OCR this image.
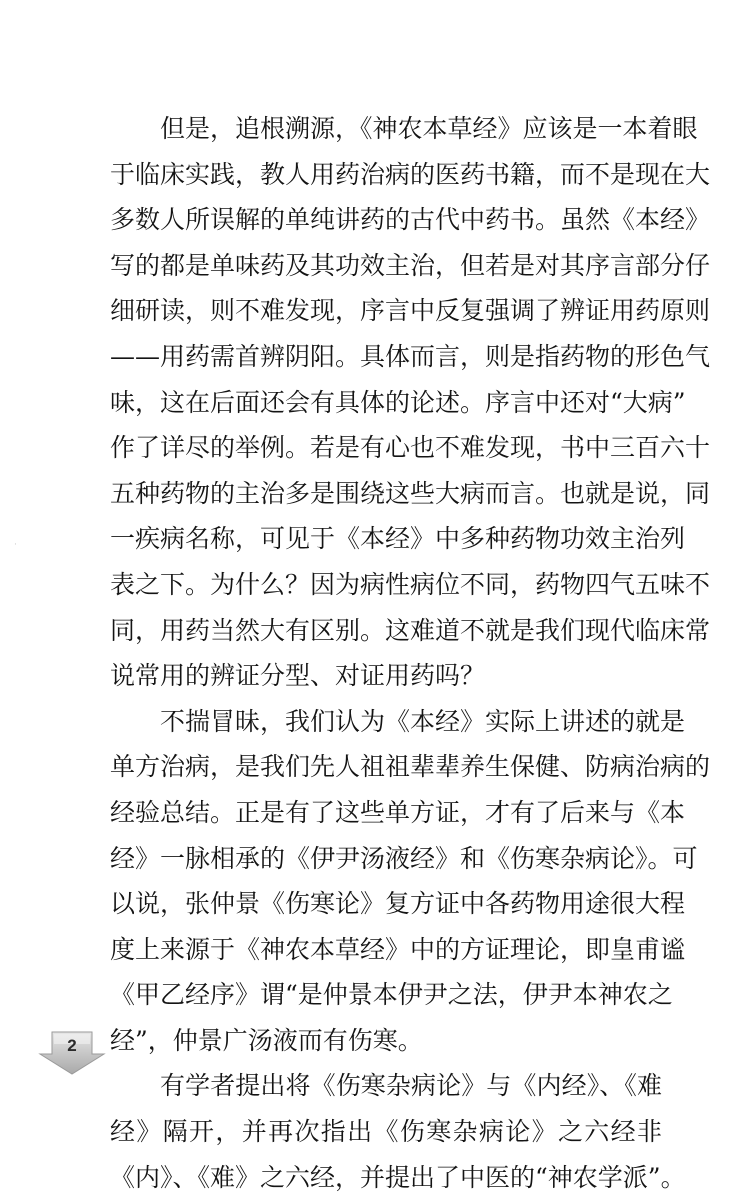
但是，追根溯源，《神农本草经》应该是一本着眼
于临床实践，教人用药治病的医药书籍，而不是现在大
多数人所误解的单纯讲药的古代中药书。虽然《本经》
写的都是单味药及其功效主治，但若是对其序言部分仔
细研读，则不难发现，序言中反复强调了辨证用药原则
——用药需首辨阴阳。具体而言，则是指药物的形色气
味，这在后面还会有具体的论述。序言中还对“大病”
作了详尽的举例。若是有心也不难发现，书中三百六十
五种药物的主治多是围绕这些大病而言。也就是说，同
一疾病名称，可见于《本经》中多种药物功效主治列
表之下。为什么？因为病性病位不同，药物四气五味不
同，用药当然大有区别。这难道不就是我们现代临床常
说常用的辨证分型、对证用药吗？
不揣冒昧，我们认为《本经》实际上讲述的就是
单方治病，是我们先人祖祖辈辈养生保健、防病治病的
经验总结。正是有了这些单方证，才有了后来与《本
经》一脉相承的《伊尹汤液经》和《伤寒杂病论》。可
以说，张仲景《伤寒论》复方证中各药物用途很大程
度上来源于《神农本草经》中的方证理论，即皇甫谧
《甲乙经序》谓“是仲景本伊尹之法，伊尹本神农之
经”，仲景广汤液而有伤寒。
有学者提出将《伤寒杂病论》与《内经》、《难
经》隔开，并再次指出《伤寒杂病论》之六经非
《内》、《难》之六经，并提出了中医的“神农学派”。
·
2
